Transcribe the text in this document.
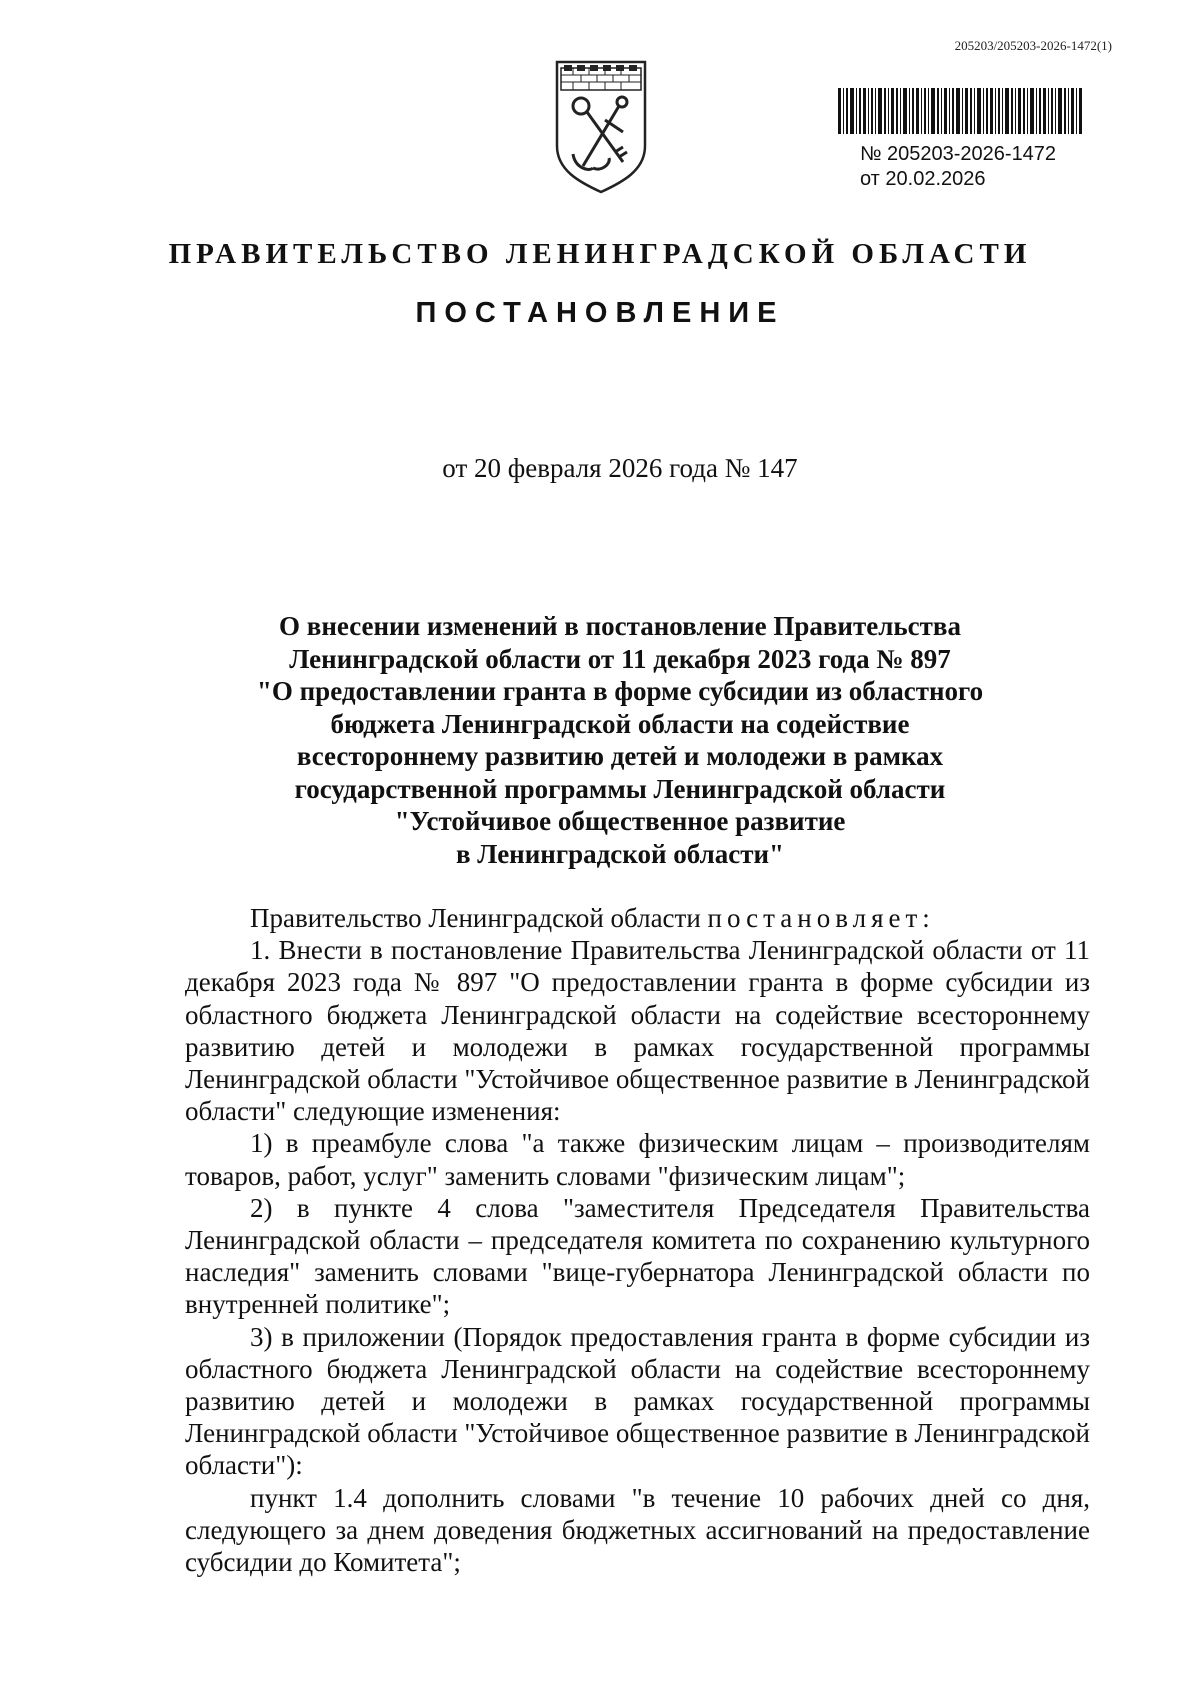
205203/205203-2026-1472(1)
№ 205203-2026-1472
от 20.02.2026
ПРАВИТЕЛЬСТВО ЛЕНИНГРАДСКОЙ ОБЛАСТИ
ПОСТАНОВЛЕНИЕ
от 20 февраля 2026 года № 147
О внесении изменений в постановление Правительства
Ленинградской области от 11 декабря 2023 года № 897
"О предоставлении гранта в форме субсидии из областного
бюджета Ленинградской области на содействие
всестороннему развитию детей и молодежи в рамках
государственной программы Ленинградской области
"Устойчивое общественное развитие
в Ленинградской области"

Правительство Ленинградской области постановляет:

1. Внести в постановление Правительства Ленинградской области от 11 декабря 2023 года № 897 "О предоставлении гранта в форме субсидии из областного бюджета Ленинградской области на содействие всестороннему развитию детей и молодежи в рамках государственной программы Ленинградской области "Устойчивое общественное развитие в Ленинградской области" следующие изменения:

1) в преамбуле слова "а также физическим лицам – производителям товаров, работ, услуг" заменить словами "физическим лицам";

2) в пункте 4 слова "заместителя Председателя Правительства Ленинградской области – председателя комитета по сохранению культурного наследия" заменить словами "вице-губернатора Ленинградской области по внутренней политике";

3) в приложении (Порядок предоставления гранта в форме субсидии из областного бюджета Ленинградской области на содействие всестороннему развитию детей и молодежи в рамках государственной программы Ленинградской области "Устойчивое общественное развитие в Ленинградской области"):

пункт 1.4 дополнить словами "в течение 10 рабочих дней со дня, следующего за днем доведения бюджетных ассигнований на предоставление субсидии до Комитета";
